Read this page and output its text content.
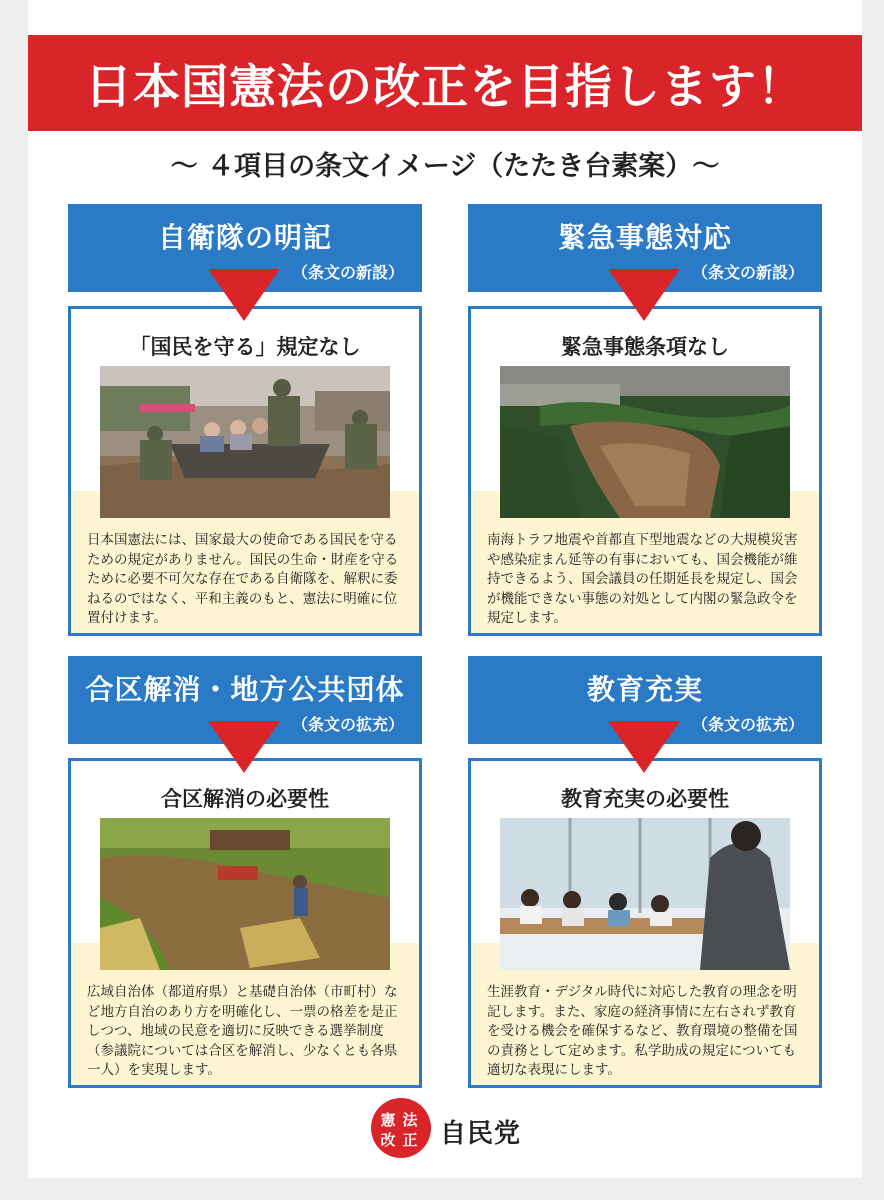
日本国憲法の改正を目指します！
〜 ４項目の条文イメージ（たたき台素案）〜
自衛隊の明記
（条文の新設）
「国民を守る」規定なし
日本国憲法には、国家最大の使命である国民を守るための規定がありません。国民の生命・財産を守るために必要不可欠な存在である自衛隊を、解釈に委ねるのではなく、平和主義のもと、憲法に明確に位置付けます。
緊急事態対応
（条文の新設）
緊急事態条項なし
南海トラフ地震や首都直下型地震などの大規模災害や感染症まん延等の有事においても、国会機能が維持できるよう、国会議員の任期延長を規定し、国会が機能できない事態の対処として内閣の緊急政令を規定します。
合区解消・地方公共団体
（条文の拡充）
合区解消の必要性
広域自治体（都道府県）と基礎自治体（市町村）など地方自治のあり方を明確化し、一票の格差を是正しつつ、地域の民意を適切に反映できる選挙制度（参議院については合区を解消し、少なくとも各県一人）を実現します。
教育充実
（条文の拡充）
教育充実の必要性
生涯教育・デジタル時代に対応した教育の理念を明記します。また、家庭の経済事情に左右されず教育を受ける機会を確保するなど、教育環境の整備を国の責務として定めます。私学助成の規定についても適切な表現にします。
憲 法
改 正 自民党
